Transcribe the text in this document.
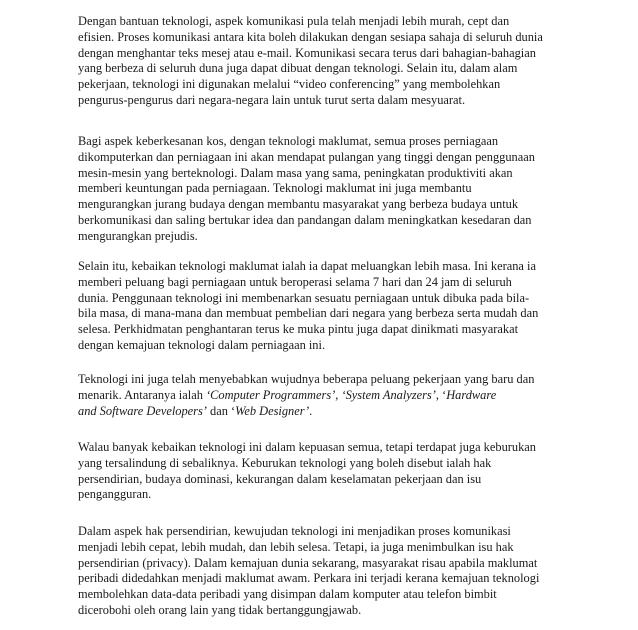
Dengan bantuan teknologi, aspek komunikasi pula telah menjadi lebih murah, cept dan
efisien. Proses komunikasi antara kita boleh dilakukan dengan sesiapa sahaja di seluruh dunia
dengan menghantar teks mesej atau e-mail. Komunikasi secara terus dari bahagian-bahagian
yang berbeza di seluruh duna juga dapat dibuat dengan teknologi. Selain itu, dalam alam
pekerjaan, teknologi ini digunakan melalui “video conferencing” yang membolehkan
pengurus-pengurus dari negara-negara lain untuk turut serta dalam mesyuarat.
Bagi aspek keberkesanan kos, dengan teknologi maklumat, semua proses perniagaan
dikomputerkan dan perniagaan ini akan mendapat pulangan yang tinggi dengan penggunaan
mesin-mesin yang berteknologi. Dalam masa yang sama, peningkatan produktiviti akan
memberi keuntungan pada perniagaan. Teknologi maklumat ini juga membantu
mengurangkan jurang budaya dengan membantu masyarakat yang berbeza budaya untuk
berkomunikasi dan saling bertukar idea dan pandangan dalam meningkatkan kesedaran dan
mengurangkan prejudis.
Selain itu, kebaikan teknologi maklumat ialah ia dapat meluangkan lebih masa. Ini kerana ia
memberi peluang bagi perniagaan untuk beroperasi selama 7 hari dan 24 jam di seluruh
dunia. Penggunaan teknologi ini membenarkan sesuatu perniagaan untuk dibuka pada bila-
bila masa, di mana-mana dan membuat pembelian dari negara yang berbeza serta mudah dan
selesa. Perkhidmatan penghantaran terus ke muka pintu juga dapat dinikmati masyarakat
dengan kemajuan teknologi dalam perniagaan ini.
Teknologi ini juga telah menyebabkan wujudnya beberapa peluang pekerjaan yang baru dan
menarik. Antaranya ialah ‘Computer Programmers’, ‘System Analyzers’, ‘Hardware
and Software Developers’ dan ‘Web Designer’.
Walau banyak kebaikan teknologi ini dalam kepuasan semua, tetapi terdapat juga keburukan
yang tersalindung di sebaliknya. Keburukan teknologi yang boleh disebut ialah hak
persendirian, budaya dominasi, kekurangan dalam keselamatan pekerjaan dan isu
pengangguran.
Dalam aspek hak persendirian, kewujudan teknologi ini menjadikan proses komunikasi
menjadi lebih cepat, lebih mudah, dan lebih selesa. Tetapi, ia juga menimbulkan isu hak
persendirian (privacy). Dalam kemajuan dunia sekarang, masyarakat risau apabila maklumat
peribadi didedahkan menjadi maklumat awam. Perkara ini terjadi kerana kemajuan teknologi
membolehkan data-data peribadi yang disimpan dalam komputer atau telefon bimbit
dicerobohi oleh orang lain yang tidak bertanggungjawab.
